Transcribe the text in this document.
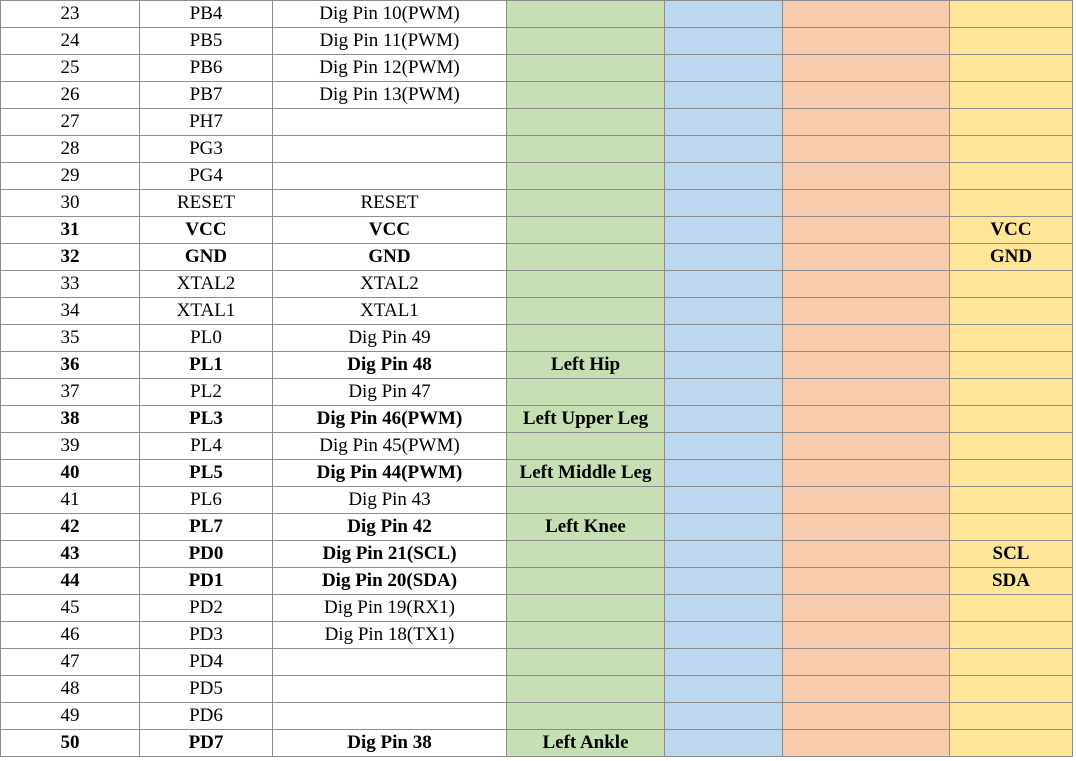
23	PB4	Dig Pin 10(PWM)				
24	PB5	Dig Pin 11(PWM)				
25	PB6	Dig Pin 12(PWM)				
26	PB7	Dig Pin 13(PWM)				
27	PH7					
28	PG3					
29	PG4					
30	RESET	RESET				
31	VCC	VCC				VCC
32	GND	GND				GND
33	XTAL2	XTAL2				
34	XTAL1	XTAL1				
35	PL0	Dig Pin 49				
36	PL1	Dig Pin 48	Left Hip			
37	PL2	Dig Pin 47				
38	PL3	Dig Pin 46(PWM)	Left Upper Leg			
39	PL4	Dig Pin 45(PWM)				
40	PL5	Dig Pin 44(PWM)	Left Middle Leg			
41	PL6	Dig Pin 43				
42	PL7	Dig Pin 42	Left Knee			
43	PD0	Dig Pin 21(SCL)				SCL
44	PD1	Dig Pin 20(SDA)				SDA
45	PD2	Dig Pin 19(RX1)				
46	PD3	Dig Pin 18(TX1)				
47	PD4					
48	PD5					
49	PD6					
50	PD7	Dig Pin 38	Left Ankle			
